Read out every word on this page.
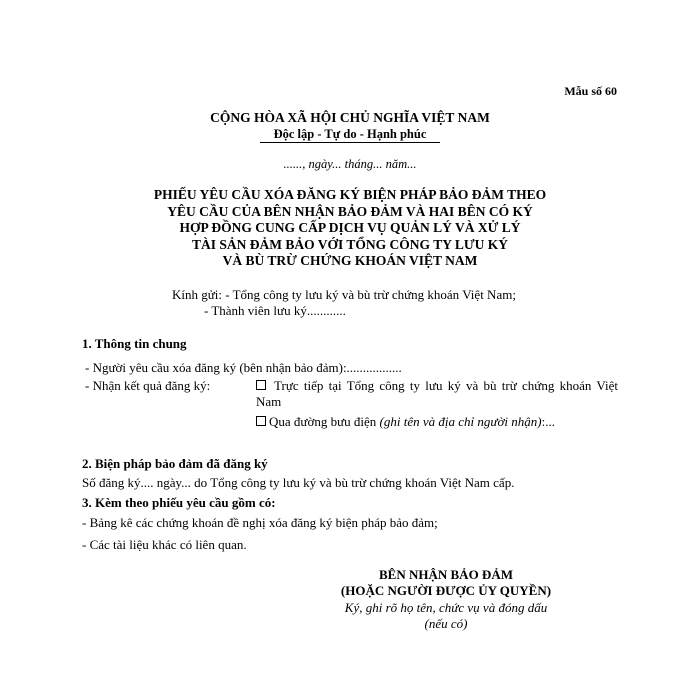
Mẫu số 60
CỘNG HÒA XÃ HỘI CHỦ NGHĨA VIỆT NAM
Độc lập - Tự do - Hạnh phúc
......, ngày... tháng... năm...
PHIẾU YÊU CẦU XÓA ĐĂNG KÝ BIỆN PHÁP BẢO ĐẢM THEO
YÊU CẦU CỦA BÊN NHẬN BẢO ĐẢM VÀ HAI BÊN CÓ KÝ
HỢP ĐỒNG CUNG CẤP DỊCH VỤ QUẢN LÝ VÀ XỬ LÝ
TÀI SẢN ĐẢM BẢO VỚI TỔNG CÔNG TY LƯU KÝ
VÀ BÙ TRỪ CHỨNG KHOÁN VIỆT NAM
Kính gửi: - Tổng công ty lưu ký và bù trừ chứng khoán Việt Nam;
- Thành viên lưu ký............
1. Thông tin chung
- Người yêu cầu xóa đăng ký (bên nhận bảo đảm):.................
- Nhận kết quả đăng ký:	Trực tiếp tại Tổng công ty lưu ký và bù trừ chứng khoán Việt Nam
Qua đường bưu điện (ghi tên và địa chỉ người nhận):...
2. Biện pháp bảo đảm đã đăng ký
Số đăng ký.... ngày... do Tổng công ty lưu ký và bù trừ chứng khoán Việt Nam cấp.
3. Kèm theo phiếu yêu cầu gồm có:
- Bảng kê các chứng khoán đề nghị xóa đăng ký biện pháp bảo đảm;
- Các tài liệu khác có liên quan.
BÊN NHẬN BẢO ĐẢM
(HOẶC NGƯỜI ĐƯỢC ỦY QUYỀN)
Ký, ghi rõ họ tên, chức vụ và đóng dấu
(nếu có)
